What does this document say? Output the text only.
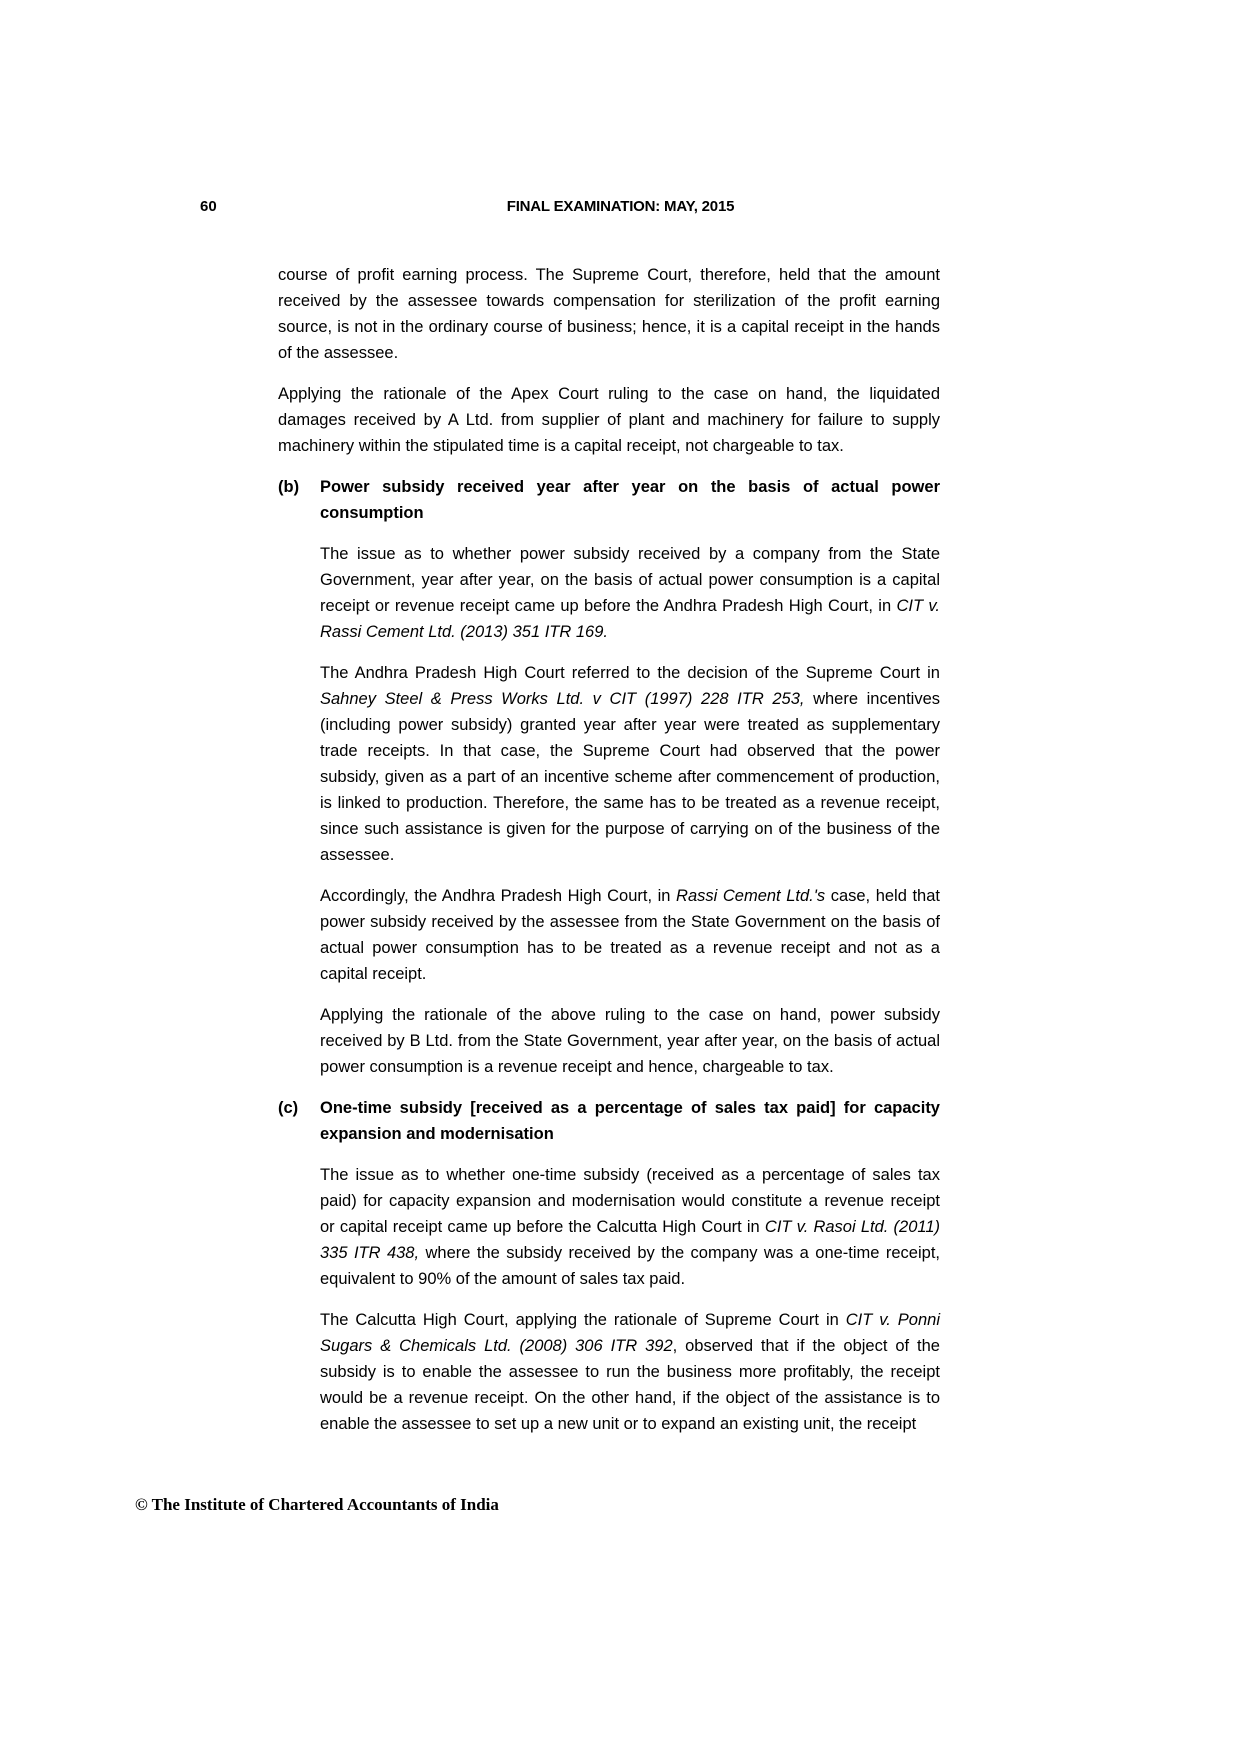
60	FINAL EXAMINATION: MAY, 2015

course of profit earning process. The Supreme Court, therefore, held that the amount received by the assessee towards compensation for sterilization of the profit earning source, is not in the ordinary course of business; hence, it is a capital receipt in the hands of the assessee.

Applying the rationale of the Apex Court ruling to the case on hand, the liquidated damages received by A Ltd. from supplier of plant and machinery for failure to supply machinery within the stipulated time is a capital receipt, not chargeable to tax.

(b) Power subsidy received year after year on the basis of actual power consumption

The issue as to whether power subsidy received by a company from the State Government, year after year, on the basis of actual power consumption is a capital receipt or revenue receipt came up before the Andhra Pradesh High Court, in CIT v. Rassi Cement Ltd. (2013) 351 ITR 169.

The Andhra Pradesh High Court referred to the decision of the Supreme Court in Sahney Steel & Press Works Ltd. v CIT (1997) 228 ITR 253, where incentives (including power subsidy) granted year after year were treated as supplementary trade receipts. In that case, the Supreme Court had observed that the power subsidy, given as a part of an incentive scheme after commencement of production, is linked to production. Therefore, the same has to be treated as a revenue receipt, since such assistance is given for the purpose of carrying on of the business of the assessee.

Accordingly, the Andhra Pradesh High Court, in Rassi Cement Ltd.'s case, held that power subsidy received by the assessee from the State Government on the basis of actual power consumption has to be treated as a revenue receipt and not as a capital receipt.

Applying the rationale of the above ruling to the case on hand, power subsidy received by B Ltd. from the State Government, year after year, on the basis of actual power consumption is a revenue receipt and hence, chargeable to tax.

(c) One-time subsidy [received as a percentage of sales tax paid] for capacity expansion and modernisation

The issue as to whether one-time subsidy (received as a percentage of sales tax paid) for capacity expansion and modernisation would constitute a revenue receipt or capital receipt came up before the Calcutta High Court in CIT v. Rasoi Ltd. (2011) 335 ITR 438, where the subsidy received by the company was a one-time receipt, equivalent to 90% of the amount of sales tax paid.

The Calcutta High Court, applying the rationale of Supreme Court in CIT v. Ponni Sugars & Chemicals Ltd. (2008) 306 ITR 392, observed that if the object of the subsidy is to enable the assessee to run the business more profitably, the receipt would be a revenue receipt. On the other hand, if the object of the assistance is to enable the assessee to set up a new unit or to expand an existing unit, the receipt

© The Institute of Chartered Accountants of India
